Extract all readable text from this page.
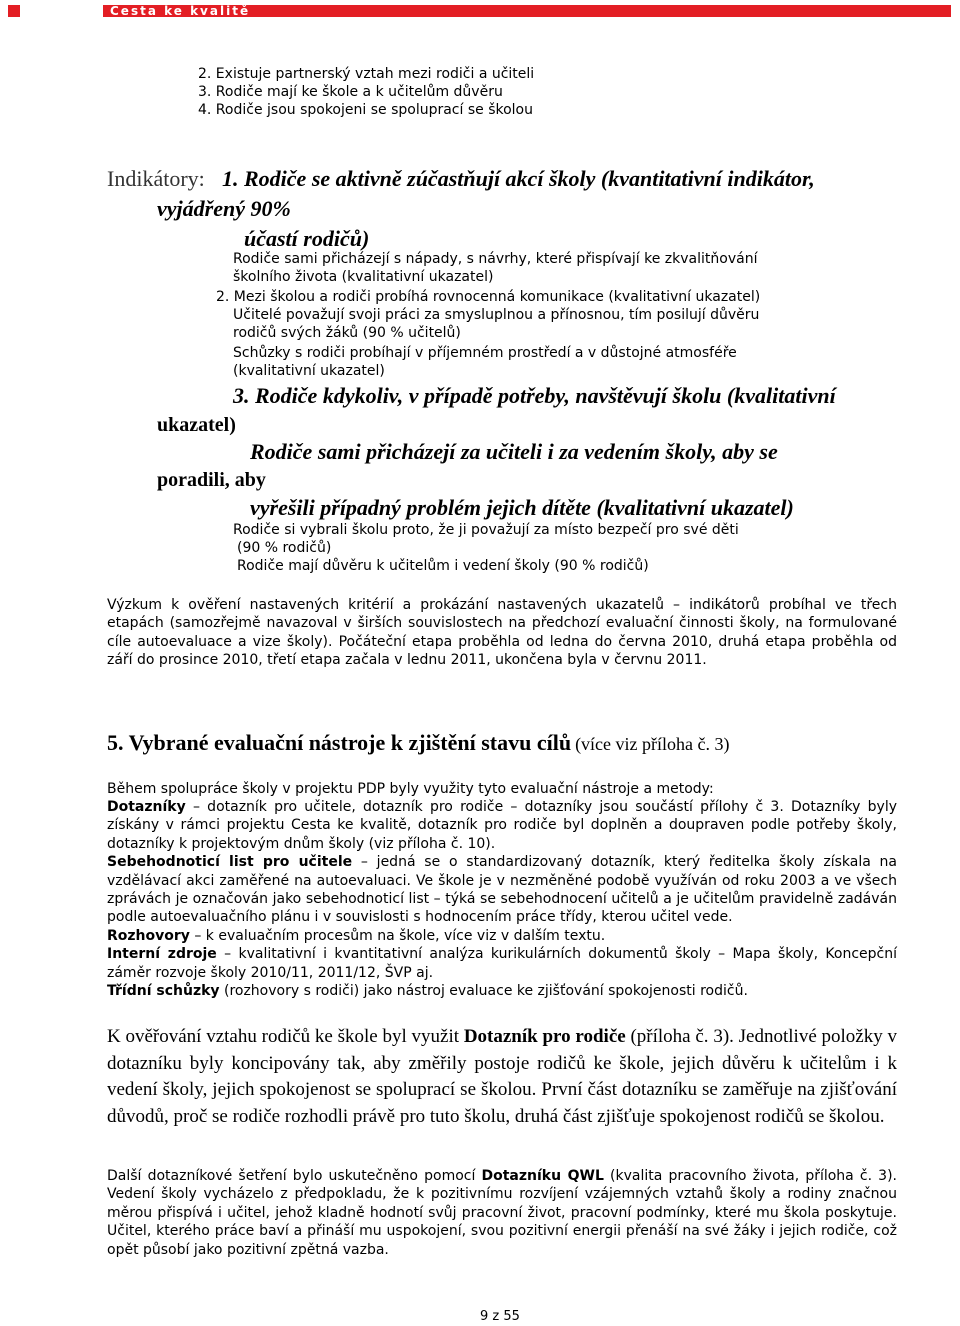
Cesta ke kvalitě
2. Existuje partnerský vztah mezi rodiči a učiteli
3. Rodiče mají ke škole a k učitelům důvěru
4. Rodiče jsou spokojeni se spoluprací se školou
Indikátory: 1. Rodiče se aktivně zúčastňují akcí školy (kvantitativní indikátor,
vyjádřený 90%
účastí rodičů)
Rodiče sami přicházejí s nápady, s návrhy, které přispívají ke zkvalitňování
školního života (kvalitativní ukazatel)
2. Mezi školou a rodiči probíhá rovnocenná komunikace (kvalitativní ukazatel)
Učitelé považují svoji práci za smysluplnou a přínosnou, tím posilují důvěru
rodičů svých žáků (90 % učitelů)
Schůzky s rodiči probíhají v příjemném prostředí a v důstojné atmosféře
(kvalitativní ukazatel)
3. Rodiče kdykoliv, v případě potřeby, navštěvují školu (kvalitativní
ukazatel)
Rodiče sami přicházejí za učiteli i za vedením školy, aby se
poradili, aby
vyřešili případný problém jejich dítěte (kvalitativní ukazatel)
Rodiče si vybrali školu proto, že ji považují za místo bezpečí pro své děti
(90 % rodičů)
Rodiče mají důvěru k učitelům i vedení školy (90 % rodičů)
Výzkum k ověření nastavených kritérií a prokázání nastavených ukazatelů – indikátorů probíhal ve třech etapách (samozřejmě navazoval v širších souvislostech na předchozí evaluační činnosti školy, na formulované cíle autoevaluace a vize školy). Počáteční etapa proběhla od ledna do června 2010, druhá etapa proběhla od září do prosince 2010, třetí etapa začala v lednu 2011, ukončena byla v červnu 2011.
5. Vybrané evaluační nástroje k zjištění stavu cílů (více viz příloha č. 3)
Během spolupráce školy v projektu PDP byly využity tyto evaluační nástroje a metody:
Dotazníky – dotazník pro učitele, dotazník pro rodiče – dotazníky jsou součástí přílohy č 3. Dotazníky byly získány v rámci projektu Cesta ke kvalitě, dotazník pro rodiče byl doplněn a doupraven podle potřeby školy, dotazníky k projektovým dnům školy (viz příloha č. 10).
Sebehodnoticí list pro učitele – jedná se o standardizovaný dotazník, který ředitelka školy získala na vzdělávací akci zaměřené na autoevaluaci. Ve škole je v nezměněné podobě využíván od roku 2003 a ve všech zprávách je označován jako sebehodnoticí list – týká se sebehodnocení učitelů a je učitelům pravidelně zadáván podle autoevaluačního plánu i v souvislosti s hodnocením práce třídy, kterou učitel vede.
Rozhovory – k evaluačním procesům na škole, více viz v dalším textu.
Interní zdroje – kvalitativní i kvantitativní analýza kurikulárních dokumentů školy – Mapa školy, Koncepční záměr rozvoje školy 2010/11, 2011/12, ŠVP aj.
Třídní schůzky (rozhovory s rodiči) jako nástroj evaluace ke zjišťování spokojenosti rodičů.
K ověřování vztahu rodičů ke škole byl využit Dotazník pro rodiče (příloha č. 3). Jednotlivé položky v dotazníku byly koncipovány tak, aby změřily postoje rodičů ke škole, jejich důvěru k učitelům i k vedení školy, jejich spokojenost se spoluprací se školou. První část dotazníku se zaměřuje na zjišťování důvodů, proč se rodiče rozhodli právě pro tuto školu, druhá část zjišťuje spokojenost rodičů se školou.
Další dotazníkové šetření bylo uskutečněno pomocí Dotazníku QWL (kvalita pracovního života, příloha č. 3). Vedení školy vycházelo z předpokladu, že k pozitivnímu rozvíjení vzájemných vztahů školy a rodiny značnou měrou přispívá i učitel, jehož kladně hodnotí svůj pracovní život, pracovní podmínky, které mu škola poskytuje. Učitel, kterého práce baví a přináší mu uspokojení, svou pozitivní energii přenáší na své žáky i jejich rodiče, což opět působí jako pozitivní zpětná vazba.
9 z 55
